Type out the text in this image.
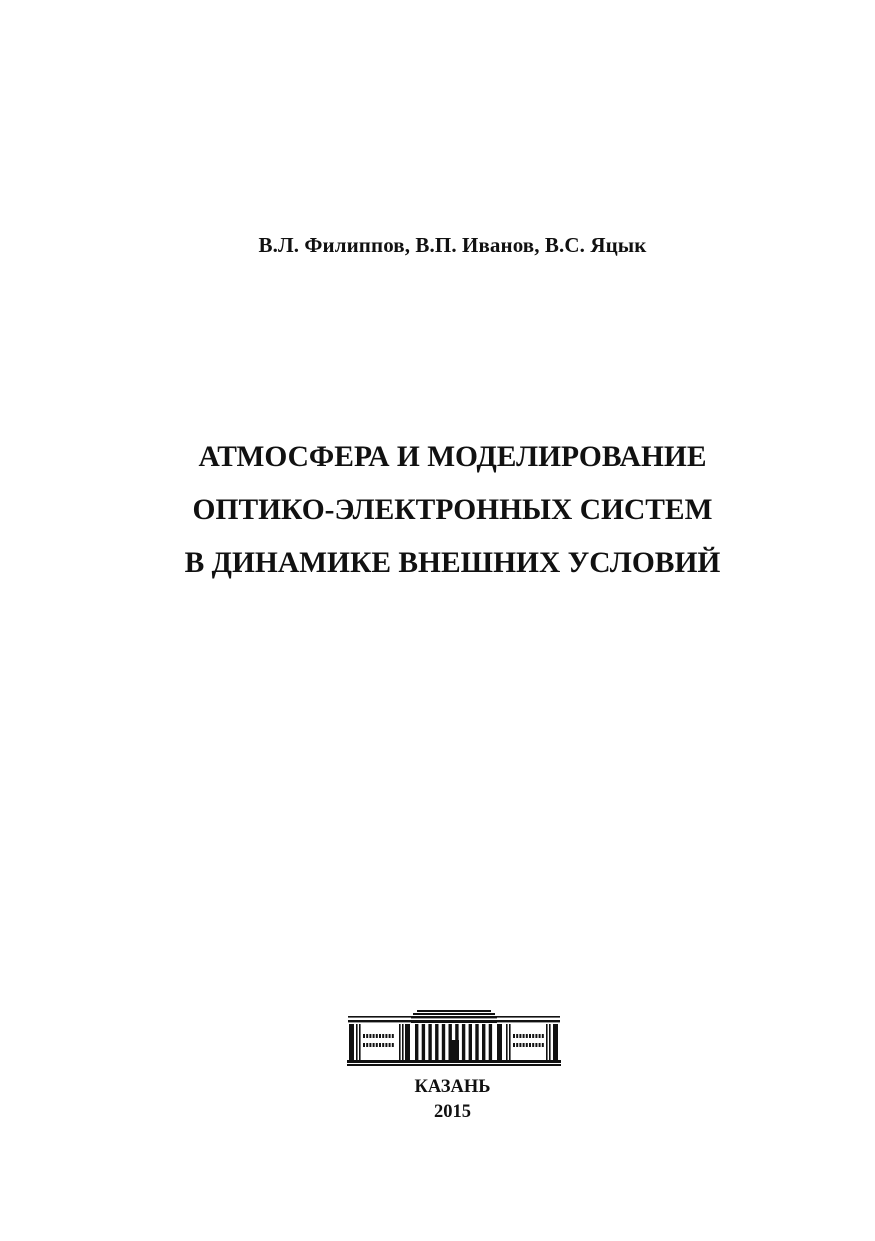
В.Л. Филиппов, В.П. Иванов, В.С. Яцык
АТМОСФЕРА И МОДЕЛИРОВАНИЕ
ОПТИКО-ЭЛЕКТРОННЫХ СИСТЕМ
В ДИНАМИКЕ ВНЕШНИХ УСЛОВИЙ
КАЗАНЬ
2015
